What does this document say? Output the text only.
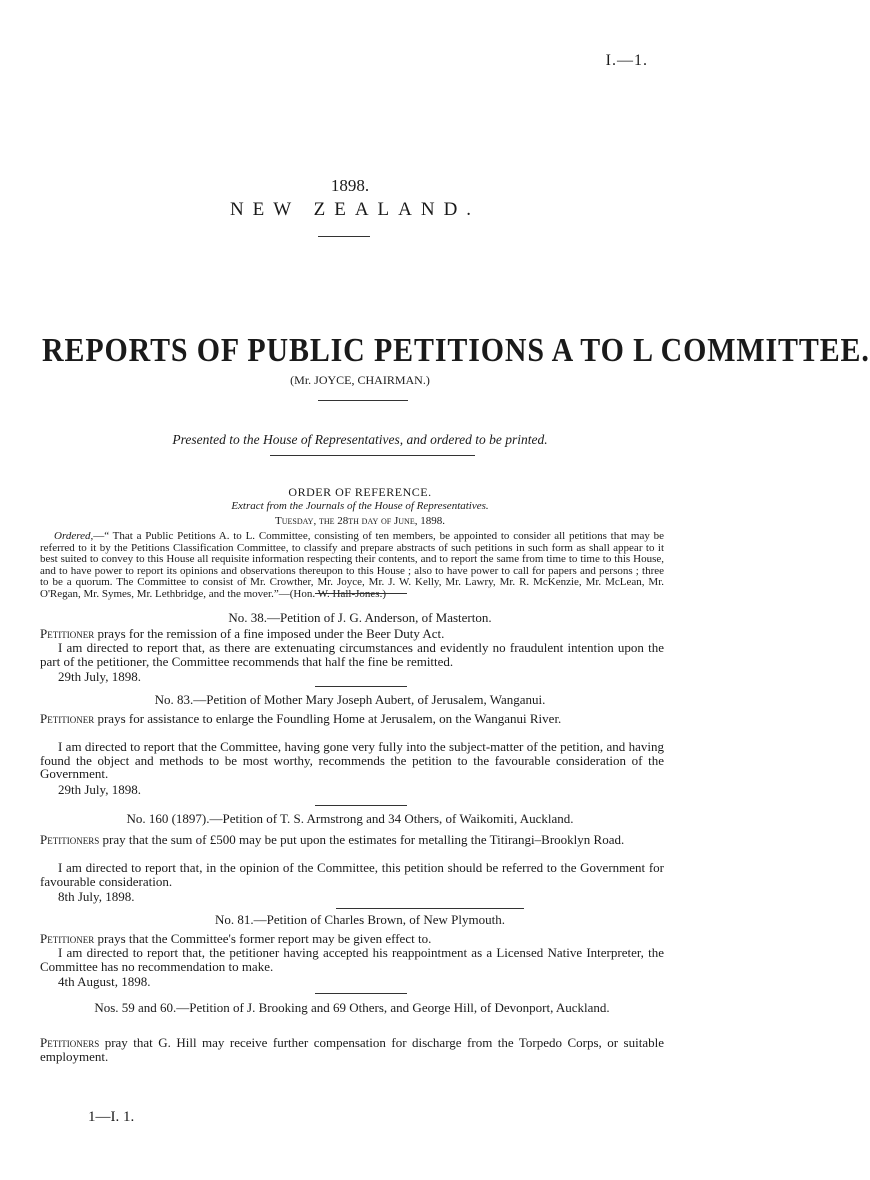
I.—1.
1898.
NEW ZEALAND.
REPORTS OF PUBLIC PETITIONS A TO L COMMITTEE.
(Mr. JOYCE, CHAIRMAN.)
Presented to the House of Representatives, and ordered to be printed.
ORDER OF REFERENCE.
Extract from the Journals of the House of Representatives.
Tuesday, the 28th day of June, 1898.
Ordered,—“ That a Public Petitions A. to L. Committee, consisting of ten members, be appointed to consider all petitions that may be referred to it by the Petitions Classification Committee, to classify and prepare abstracts of such petitions in such form as shall appear to it best suited to convey to this House all requisite information respecting their contents, and to report the same from time to time to this House, and to have power to report its opinions and observations thereupon to this House ; also to have power to call for papers and persons ; three to be a quorum. The Committee to consist of Mr. Crowther, Mr. Joyce, Mr. J. W. Kelly, Mr. Lawry, Mr. R. McKenzie, Mr. McLean, Mr. O'Regan, Mr. Symes, Mr. Lethbridge, and the mover.”—(Hon. W. Hall-Jones.)
No. 38.—Petition of J. G. Anderson, of Masterton.
Petitioner prays for the remission of a fine imposed under the Beer Duty Act.
I am directed to report that, as there are extenuating circumstances and evidently no fraudulent intention upon the part of the petitioner, the Committee recommends that half the fine be remitted.
29th July, 1898.
No. 83.—Petition of Mother Mary Joseph Aubert, of Jerusalem, Wanganui.
Petitioner prays for assistance to enlarge the Foundling Home at Jerusalem, on the Wanganui River.
I am directed to report that the Committee, having gone very fully into the subject-matter of the petition, and having found the object and methods to be most worthy, recommends the petition to the favourable consideration of the Government.
29th July, 1898.
No. 160 (1897).—Petition of T. S. Armstrong and 34 Others, of Waikomiti, Auckland.
Petitioners pray that the sum of £500 may be put upon the estimates for metalling the Titirangi–Brooklyn Road.
I am directed to report that, in the opinion of the Committee, this petition should be referred to the Government for favourable consideration.
8th July, 1898.
No. 81.—Petition of Charles Brown, of New Plymouth.
Petitioner prays that the Committee's former report may be given effect to.
I am directed to report that, the petitioner having accepted his reappointment as a Licensed Native Interpreter, the Committee has no recommendation to make.
4th August, 1898.
Nos. 59 and 60.—Petition of J. Brooking and 69 Others, and George Hill, of Devonport, Auckland.
Petitioners pray that G. Hill may receive further compensation for discharge from the Torpedo Corps, or suitable employment.
1—I. 1.
